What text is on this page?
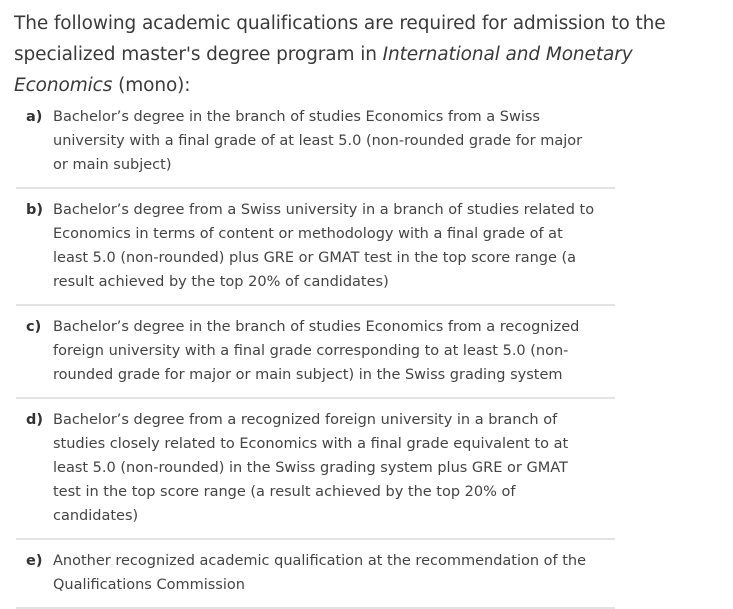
The following academic qualifications are required for admission to the specialized master's degree program in International and Monetary Economics (mono):

a) Bachelor’s degree in the branch of studies Economics from a Swiss university with a final grade of at least 5.0 (non-rounded grade for major or main subject)
b) Bachelor’s degree from a Swiss university in a branch of studies related to Economics in terms of content or methodology with a final grade of at least 5.0 (non-rounded) plus GRE or GMAT test in the top score range (a result achieved by the top 20% of candidates)
c) Bachelor’s degree in the branch of studies Economics from a recognized foreign university with a final grade corresponding to at least 5.0 (non-rounded grade for major or main subject) in the Swiss grading system
d) Bachelor’s degree from a recognized foreign university in a branch of studies closely related to Economics with a final grade equivalent to at least 5.0 (non-rounded) in the Swiss grading system plus GRE or GMAT test in the top score range (a result achieved by the top 20% of candidates)
e) Another recognized academic qualification at the recommendation of the Qualifications Commission
